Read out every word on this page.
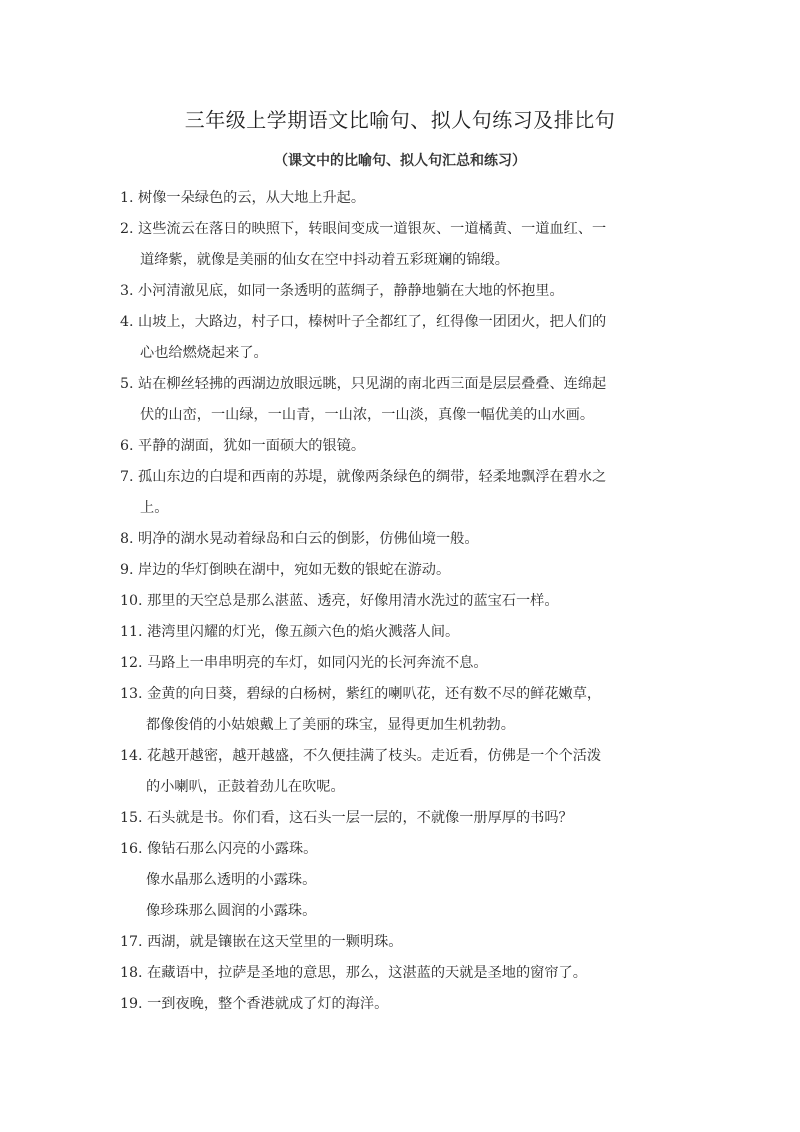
三年级上学期语文比喻句、拟人句练习及排比句
（课文中的比喻句、拟人句汇总和练习）
1. 树像一朵绿色的云，从大地上升起。
2. 这些流云在落日的映照下，转眼间变成一道银灰、一道橘黄、一道血红、一
道绛紫，就像是美丽的仙女在空中抖动着五彩斑斓的锦缎。
3. 小河清澈见底，如同一条透明的蓝绸子，静静地躺在大地的怀抱里。
4. 山坡上，大路边，村子口，榛树叶子全都红了，红得像一团团火，把人们的
心也给燃烧起来了。
5. 站在柳丝轻拂的西湖边放眼远眺，只见湖的南北西三面是层层叠叠、连绵起
伏的山峦，一山绿，一山青，一山浓，一山淡，真像一幅优美的山水画。
6. 平静的湖面，犹如一面硕大的银镜。
7. 孤山东边的白堤和西南的苏堤，就像两条绿色的绸带，轻柔地飘浮在碧水之
上。
8. 明净的湖水晃动着绿岛和白云的倒影，仿佛仙境一般。
9. 岸边的华灯倒映在湖中，宛如无数的银蛇在游动。
10. 那里的天空总是那么湛蓝、透亮，好像用清水洗过的蓝宝石一样。
11. 港湾里闪耀的灯光，像五颜六色的焰火溅落人间。
12. 马路上一串串明亮的车灯，如同闪光的长河奔流不息。
13. 金黄的向日葵，碧绿的白杨树，紫红的喇叭花，还有数不尽的鲜花嫩草，
都像俊俏的小姑娘戴上了美丽的珠宝，显得更加生机勃勃。
14. 花越开越密，越开越盛，不久便挂满了枝头。走近看，仿佛是一个个活泼
的小喇叭，正鼓着劲儿在吹呢。
15. 石头就是书。你们看，这石头一层一层的，不就像一册厚厚的书吗？
16. 像钻石那么闪亮的小露珠。
像水晶那么透明的小露珠。
像珍珠那么圆润的小露珠。
17. 西湖，就是镶嵌在这天堂里的一颗明珠。
18. 在藏语中，拉萨是圣地的意思，那么，这湛蓝的天就是圣地的窗帘了。
19. 一到夜晚，整个香港就成了灯的海洋。
